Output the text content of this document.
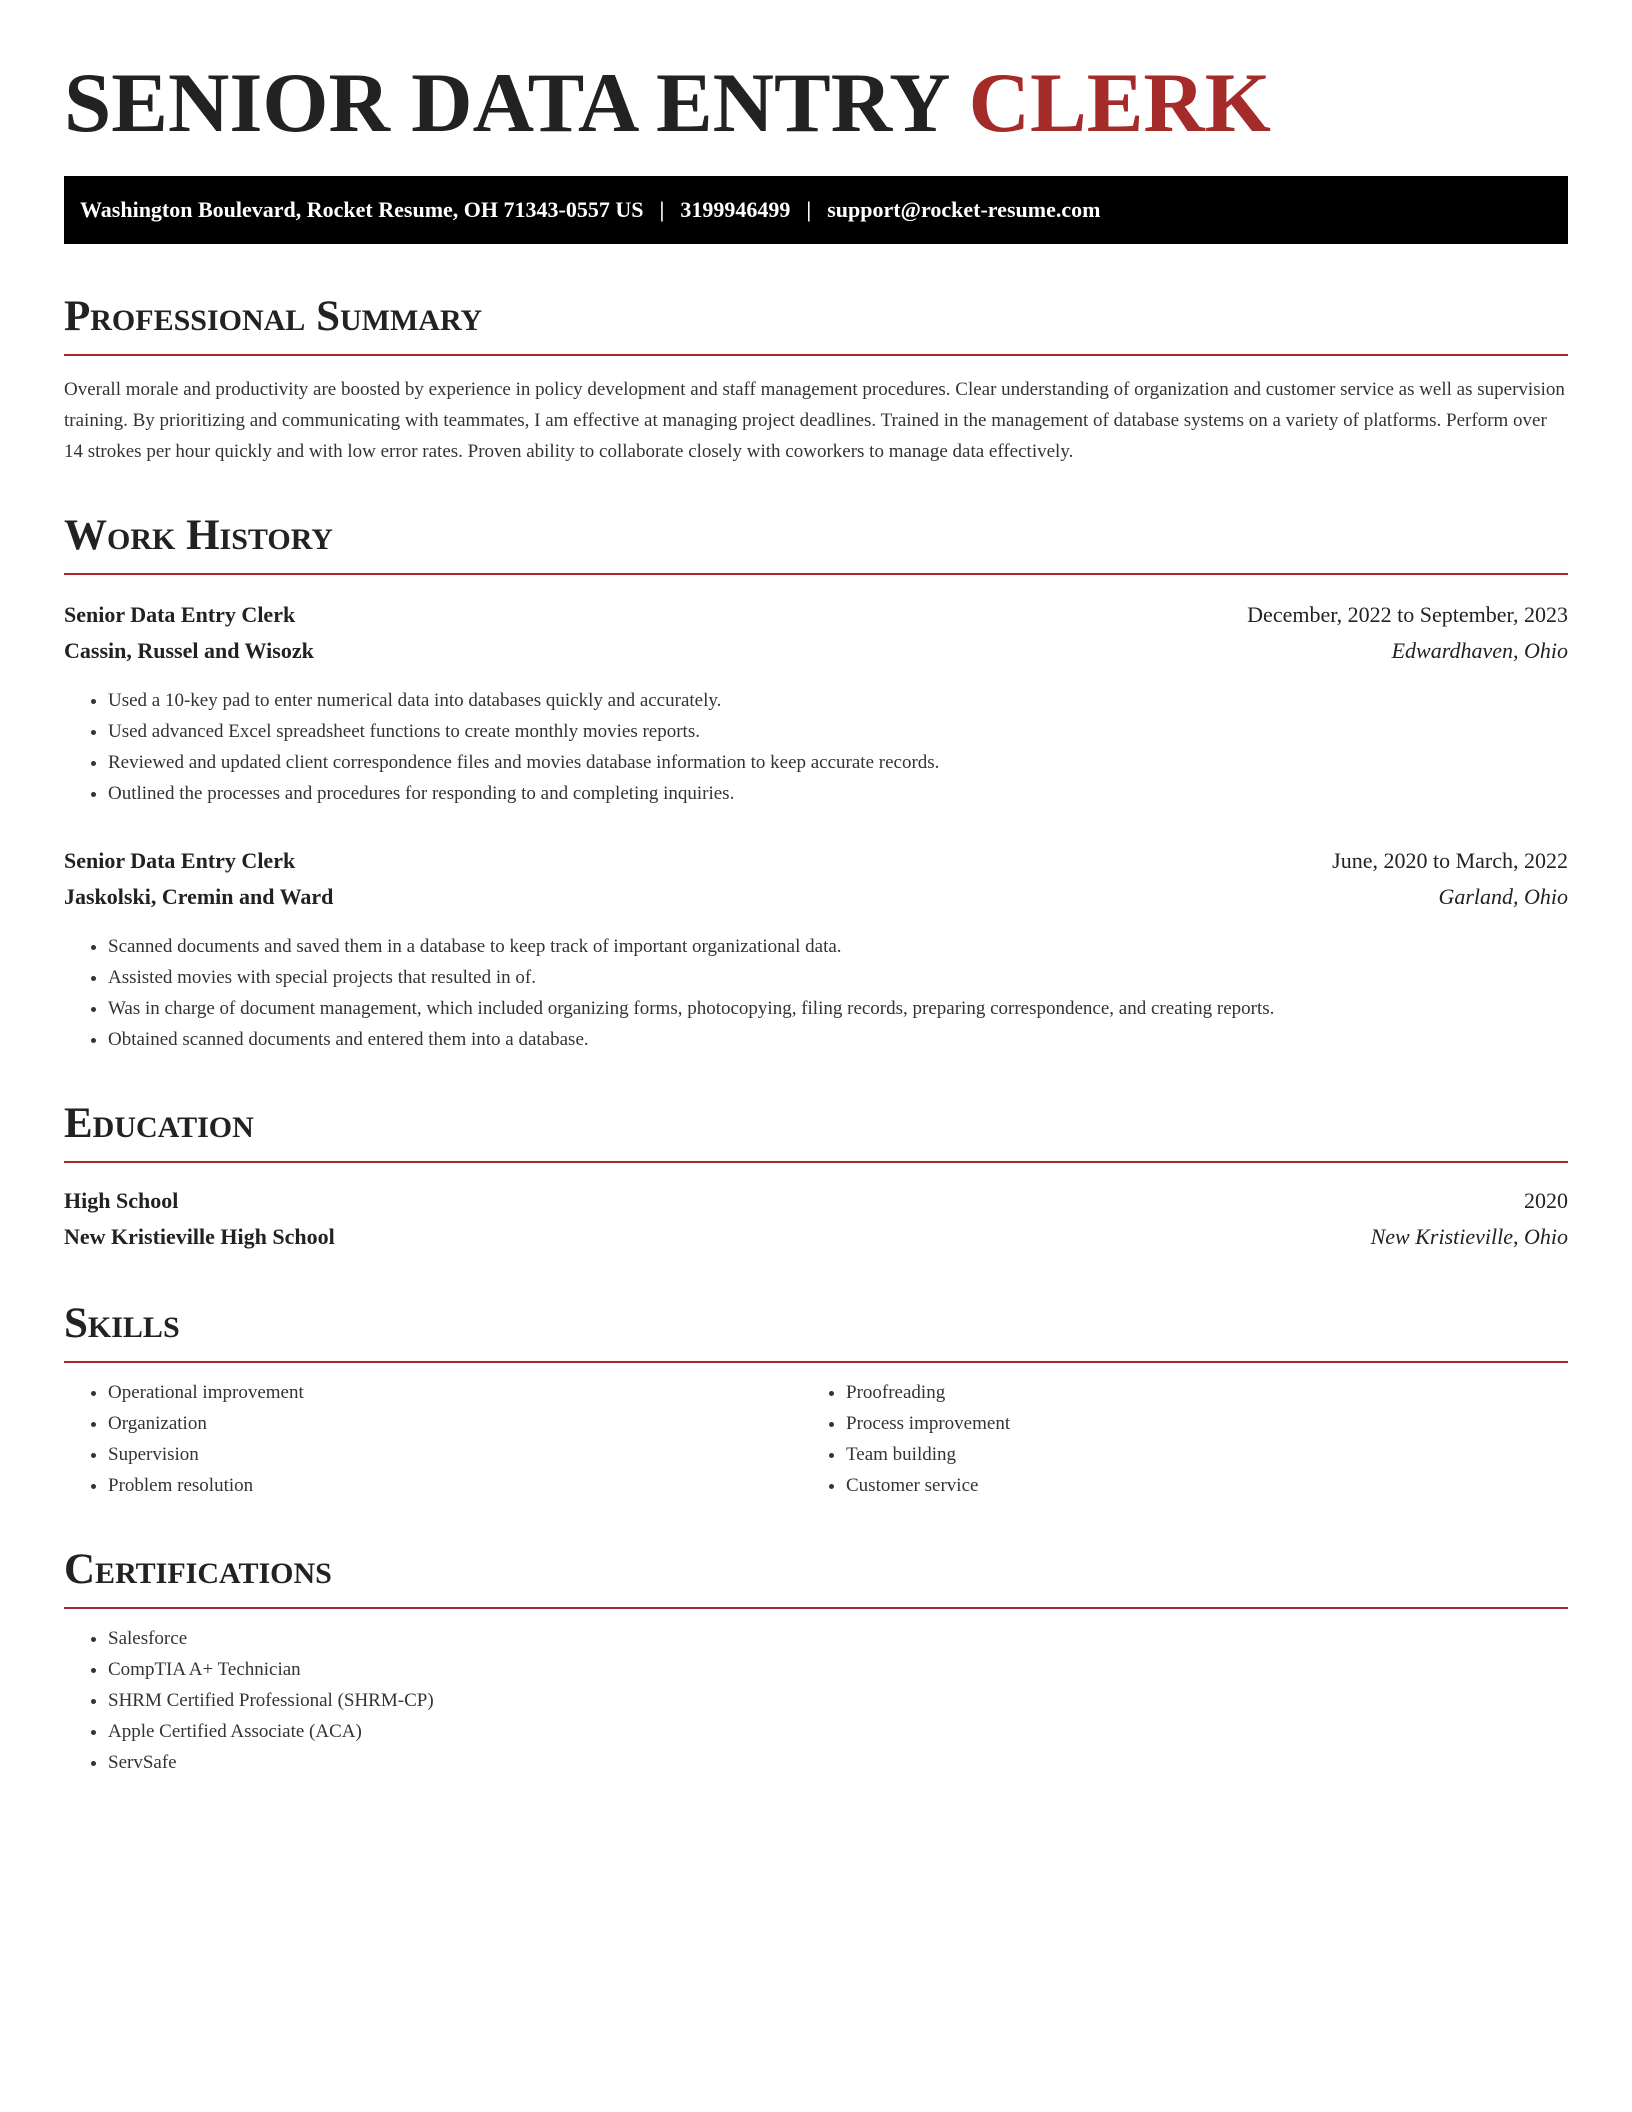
SENIOR DATA ENTRY CLERK
Washington Boulevard, Rocket Resume, OH 71343-0557 US | 3199946499 | support@rocket-resume.com
Professional Summary

Overall morale and productivity are boosted by experience in policy development and staff management procedures. Clear understanding of organization and customer service as well as supervision training. By prioritizing and communicating with teammates, I am effective at managing project deadlines. Trained in the management of database systems on a variety of platforms. Perform over 14 strokes per hour quickly and with low error rates. Proven ability to collaborate closely with coworkers to manage data effectively.

Work History
Senior Data Entry Clerk	December, 2022 to September, 2023
Cassin, Russel and Wisozk	Edwardhaven, Ohio
• Used a 10-key pad to enter numerical data into databases quickly and accurately.
• Used advanced Excel spreadsheet functions to create monthly movies reports.
• Reviewed and updated client correspondence files and movies database information to keep accurate records.
• Outlined the processes and procedures for responding to and completing inquiries.
Senior Data Entry Clerk	June, 2020 to March, 2022
Jaskolski, Cremin and Ward	Garland, Ohio
• Scanned documents and saved them in a database to keep track of important organizational data.
• Assisted movies with special projects that resulted in of.
• Was in charge of document management, which included organizing forms, photocopying, filing records, preparing correspondence, and creating reports.
• Obtained scanned documents and entered them into a database.
Education
High School	2020
New Kristieville High School	New Kristieville, Ohio
Skills
• Operational improvement
• Organization
• Supervision
• Problem resolution
• Proofreading
• Process improvement
• Team building
• Customer service
Certifications
• Salesforce
• CompTIA A+ Technician
• SHRM Certified Professional (SHRM-CP)
• Apple Certified Associate (ACA)
• ServSafe
